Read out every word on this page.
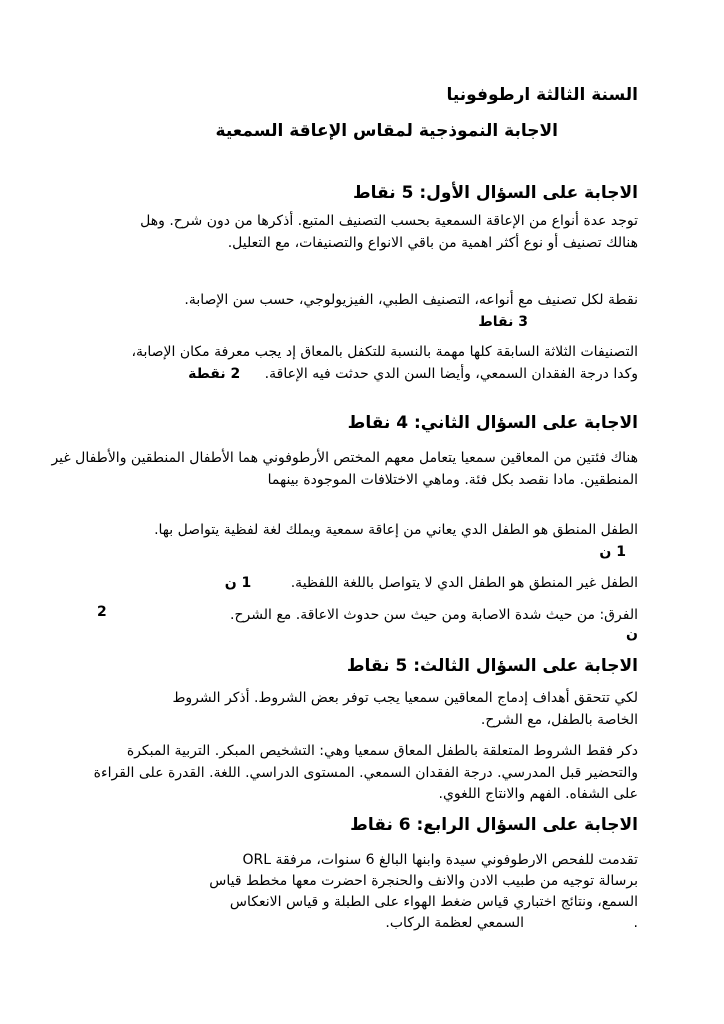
السنة الثالثة ارطوفونيا
الاجابة النموذجية لمقاس الإعاقة السمعية
الاجابة على السؤال الأول: 5 نقاط
توجد عدة أنواع من الإعاقة السمعية بحسب التصنيف المتبع. أذكرها من دون شرح. وهل هنالك تصنيف أو نوع أكثر اهمية من باقي الانواع والتصنيفات، مع التعليل.
نقطة لكل تصنيف مع أنواعه، التصنيف الطبي، الفيزيولوجي، حسب سن الإصابة. 3 نقاط
التصنيفات الثلاثة السابقة كلها مهمة بالنسبة للتكفل بالمعاق إد يجب معرفة مكان الإصابة، وكدا درجة الفقدان السمعي، وأيضا السن الدي حدثت فيه الإعاقة. 2 نقطة
الاجابة على السؤال الثاني: 4 نقاط
هناك فئتين من المعاقين سمعيا يتعامل معهم المختص الأرطوفوني هما الأطفال المنطقين والأطفال غير المنطقين. مادا نقصد بكل فئة. وماهي الاختلافات الموجودة بينهما
الطفل المنطق هو الطفل الدي يعاني من إعاقة سمعية ويملك لغة لفظية يتواصل بها. 1 ن
الطفل غير المنطق هو الطفل الدي لا يتواصل باللغة اللفظية. 1 ن
الفرق: من حيث شدة الاصابة ومن حيث سن حدوث الاعاقة. مع الشرح.
2
ن
الاجابة على السؤال الثالث: 5 نقاط
لكي تتحقق أهداف إدماج المعاقين سمعيا يجب توفر بعض الشروط. أذكر الشروط الخاصة بالطفل، مع الشرح.
دكر فقط الشروط المتعلقة بالطفل المعاق سمعيا وهي: التشخيص المبكر. التربية المبكرة والتحضير قبل المدرسي. درجة الفقدان السمعي. المستوى الدراسي. اللغة. القدرة على القراءة على الشفاه. الفهم والانتاج اللغوي.
الاجابة على السؤال الرابع: 6 نقاط
تقدمت للفحص الارطوفوني سيدة وابنها البالغ 6 سنوات، مرفقة ORL
برسالة توجيه من طبيب الادن والانف والحنجرة احضرت معها مخطط قياس
السمع، ونتائج اختباري قياس ضغط الهواء على الطبلة و قياس الانعكاس
السمعي لعظمة الركاب.	.
